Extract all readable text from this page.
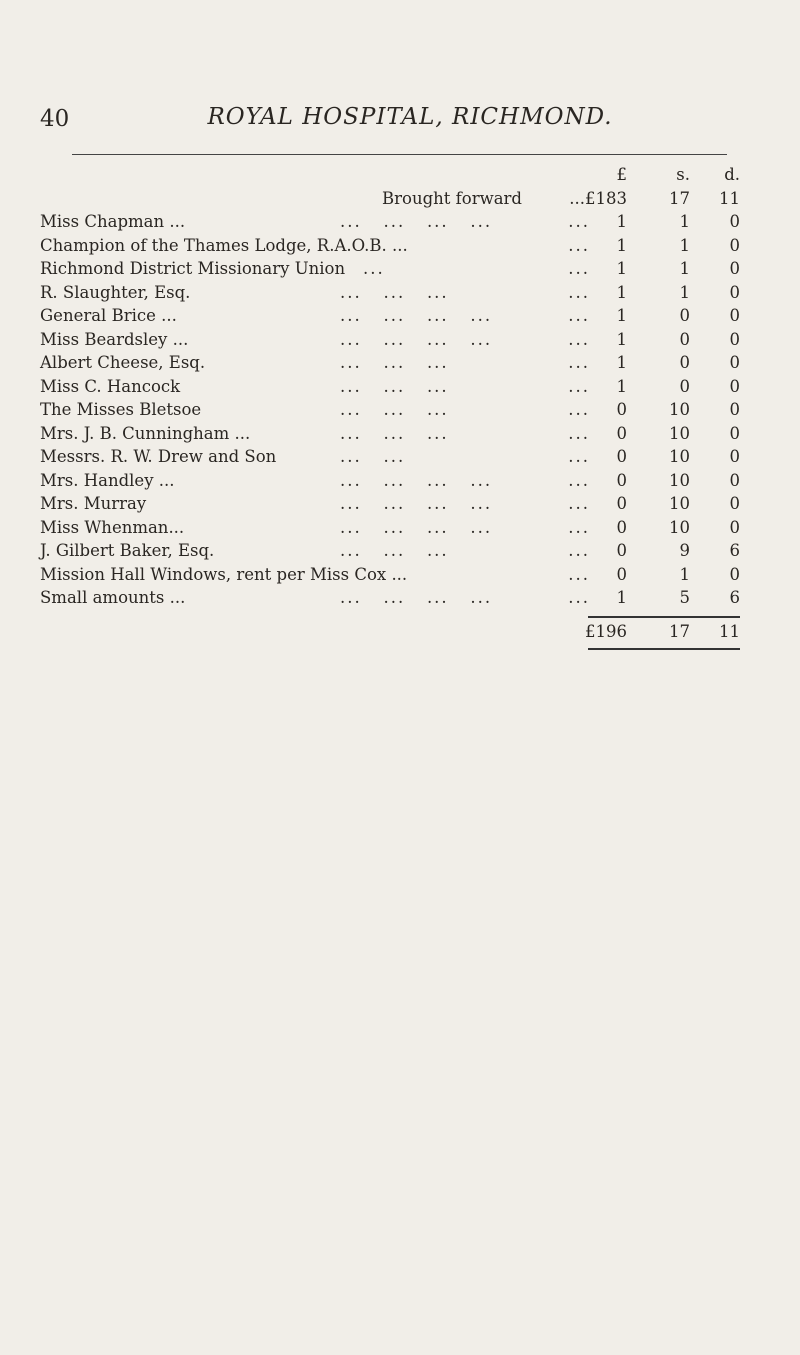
40	ROYAL HOSPITAL, RICHMOND.
£	s.	d.
Brought forward	...£183	17	11
Miss Chapman ...	1	1	0
...
...   ...   ...   ...
Champion of the Thames Lodge, R.A.O.B. ...	1	1	0
...
Richmond District Missionary Union	1	1	0
...
...
R. Slaughter, Esq.	1	1	0
...
...   ...   ...
General Brice ...	1	0	0
...
...   ...   ...   ...
Miss Beardsley ...	1	0	0
...
...   ...   ...   ...
Albert Cheese, Esq.	1	0	0
...
...   ...   ...
Miss C. Hancock	1	0	0
...
...   ...   ...
The Misses Bletsoe	0	10	0
...
...   ...   ...
Mrs. J. B. Cunningham ...	0	10	0
...
...   ...   ...
Messrs. R. W. Drew and Son	0	10	0
...
...   ...
Mrs. Handley ...	0	10	0
...
...   ...   ...   ...
Mrs. Murray	0	10	0
...
...   ...   ...   ...
Miss Whenman...	0	10	0
...
...   ...   ...   ...
J. Gilbert Baker, Esq.	0	9	6
...
...   ...   ...
Mission Hall Windows, rent per Miss Cox ...	0	1	0
...
Small amounts ...	1	5	6
...
...   ...   ...   ...
£196	17	11
